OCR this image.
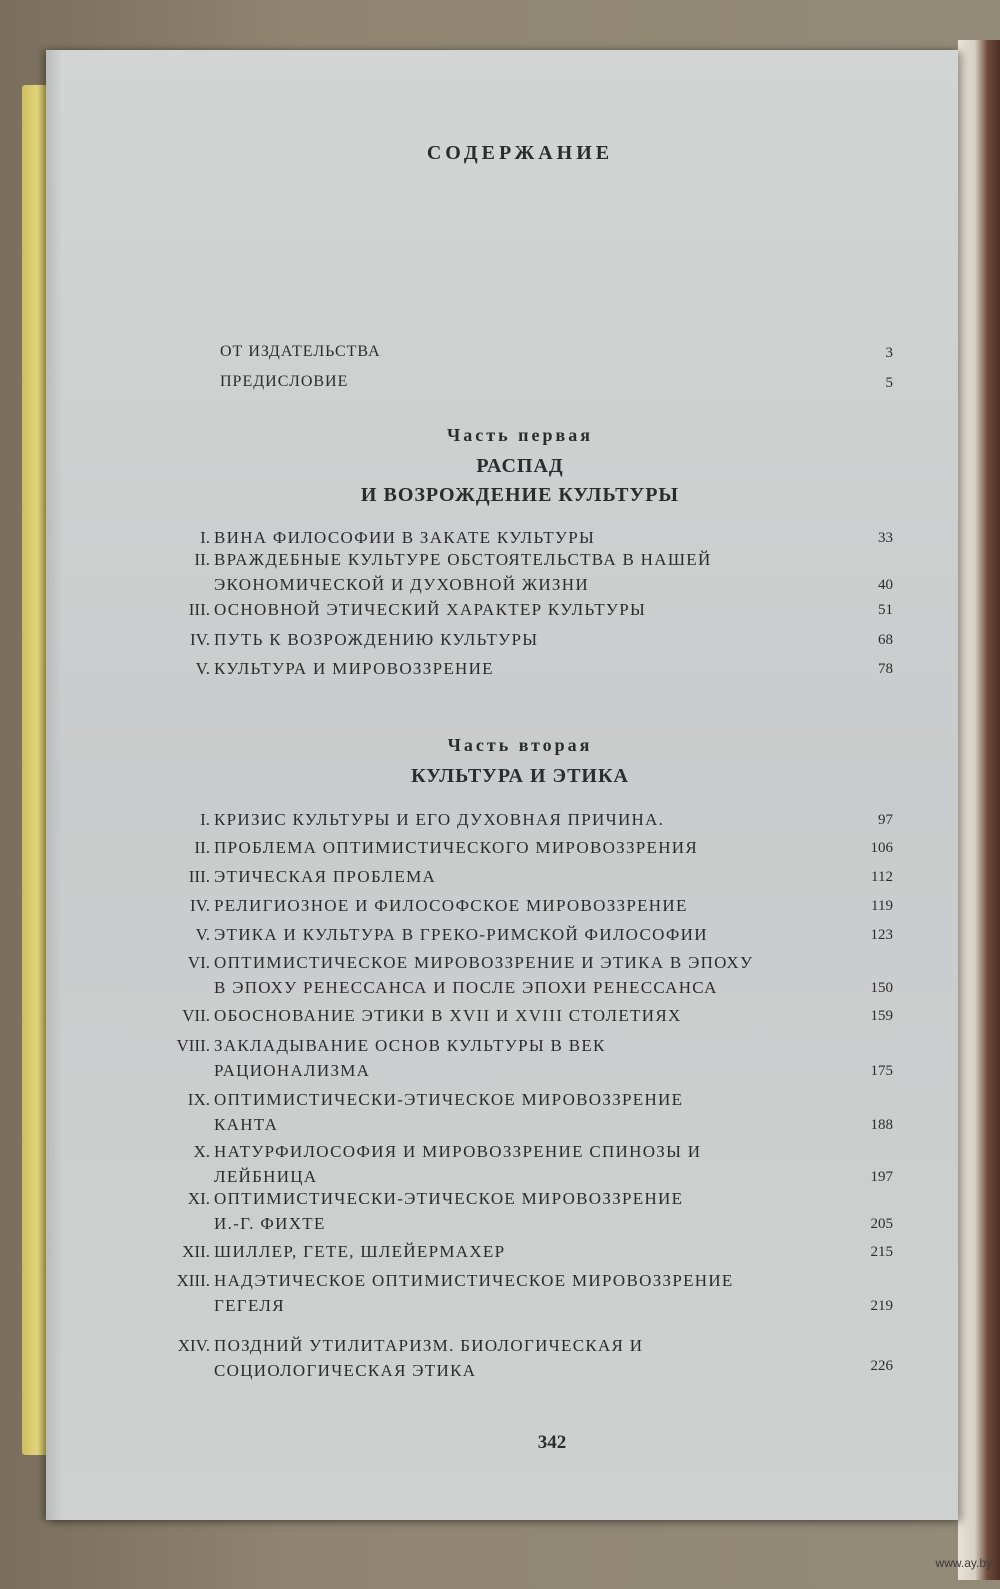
СОДЕРЖАНИЕ
ОТ ИЗДАТЕЛЬСТВА	3
ПРЕДИСЛОВИЕ	5
Часть первая
РАСПАД
И ВОЗРОЖДЕНИЕ КУЛЬТУРЫ
I. ВИНА ФИЛОСОФИИ В ЗАКАТЕ КУЛЬТУРЫ	33
II. ВРАЖДЕБНЫЕ КУЛЬТУРЕ ОБСТОЯТЕЛЬСТВА В НАШЕЙ
ЭКОНОМИЧЕСКОЙ И ДУХОВНОЙ ЖИЗНИ	40
III. ОСНОВНОЙ ЭТИЧЕСКИЙ ХАРАКТЕР КУЛЬТУРЫ	51
IV. ПУТЬ К ВОЗРОЖДЕНИЮ КУЛЬТУРЫ	68
V. КУЛЬТУРА И МИРОВОЗЗРЕНИЕ	78
Часть вторая
КУЛЬТУРА И ЭТИКА
I. КРИЗИС КУЛЬТУРЫ И ЕГО ДУХОВНАЯ ПРИЧИНА.	97
II. ПРОБЛЕМА ОПТИМИСТИЧЕСКОГО МИРОВОЗЗРЕНИЯ	106
III. ЭТИЧЕСКАЯ ПРОБЛЕМА	112
IV. РЕЛИГИОЗНОЕ И ФИЛОСОФСКОЕ МИРОВОЗЗРЕНИЕ	119
V. ЭТИКА И КУЛЬТУРА В ГРЕКО-РИМСКОЙ ФИЛОСОФИИ	123
VI. ОПТИМИСТИЧЕСКОЕ МИРОВОЗЗРЕНИЕ И ЭТИКА В ЭПОХУ
В ЭПОХУ РЕНЕССАНСА И ПОСЛЕ ЭПОХИ РЕНЕССАНСА	150
VII. ОБОСНОВАНИЕ ЭТИКИ В XVII И XVIII СТОЛЕТИЯХ	159
VIII. ЗАКЛАДЫВАНИЕ ОСНОВ КУЛЬТУРЫ В ВЕК
РАЦИОНАЛИЗМА	175
IX. ОПТИМИСТИЧЕСКИ-ЭТИЧЕСКОЕ МИРОВОЗЗРЕНИЕ
КАНТА	188
X. НАТУРФИЛОСОФИЯ И МИРОВОЗЗРЕНИЕ СПИНОЗЫ И
ЛЕЙБНИЦА	197
XI. ОПТИМИСТИЧЕСКИ-ЭТИЧЕСКОЕ МИРОВОЗЗРЕНИЕ
И.-Г. ФИХТЕ	205
XII. ШИЛЛЕР, ГЕТЕ, ШЛЕЙЕРМАХЕР	215
XIII. НАДЭТИЧЕСКОЕ ОПТИМИСТИЧЕСКОЕ МИРОВОЗЗРЕНИЕ
ГЕГЕЛЯ	219
XIV. ПОЗДНИЙ УТИЛИТАРИЗМ. БИОЛОГИЧЕСКАЯ И
СОЦИОЛОГИЧЕСКАЯ ЭТИКА	226
342
www.ay.by
